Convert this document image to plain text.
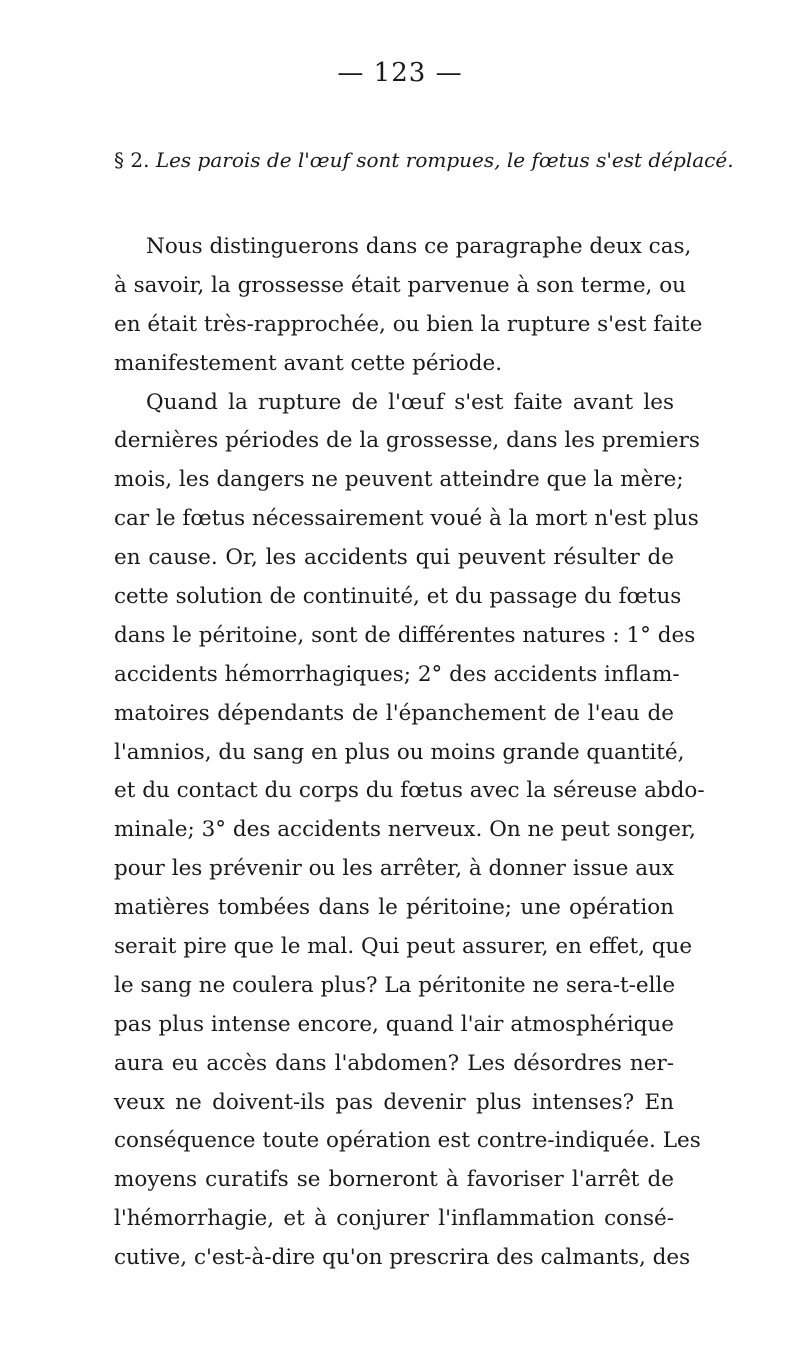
— 123 —
§ 2. Les parois de l'œuf sont rompues, le fœtus s'est déplacé.
Nous distinguerons dans ce paragraphe deux cas,
à savoir, la grossesse était parvenue à son terme, ou
en était très-rapprochée, ou bien la rupture s'est faite
manifestement avant cette période.
Quand la rupture de l'œuf s'est faite avant les
dernières périodes de la grossesse, dans les premiers
mois, les dangers ne peuvent atteindre que la mère;
car le fœtus nécessairement voué à la mort n'est plus
en cause. Or, les accidents qui peuvent résulter de
cette solution de continuité, et du passage du fœtus
dans le péritoine, sont de différentes natures : 1° des
accidents hémorrhagiques; 2° des accidents inflam-
matoires dépendants de l'épanchement de l'eau de
l'amnios, du sang en plus ou moins grande quantité,
et du contact du corps du fœtus avec la séreuse abdo-
minale; 3° des accidents nerveux. On ne peut songer,
pour les prévenir ou les arrêter, à donner issue aux
matières tombées dans le péritoine; une opération
serait pire que le mal. Qui peut assurer, en effet, que
le sang ne coulera plus? La péritonite ne sera-t-elle
pas plus intense encore, quand l'air atmosphérique
aura eu accès dans l'abdomen? Les désordres ner-
veux ne doivent-ils pas devenir plus intenses? En
conséquence toute opération est contre-indiquée. Les
moyens curatifs se borneront à favoriser l'arrêt de
l'hémorrhagie, et à conjurer l'inflammation consé-
cutive, c'est-à-dire qu'on prescrira des calmants, des
